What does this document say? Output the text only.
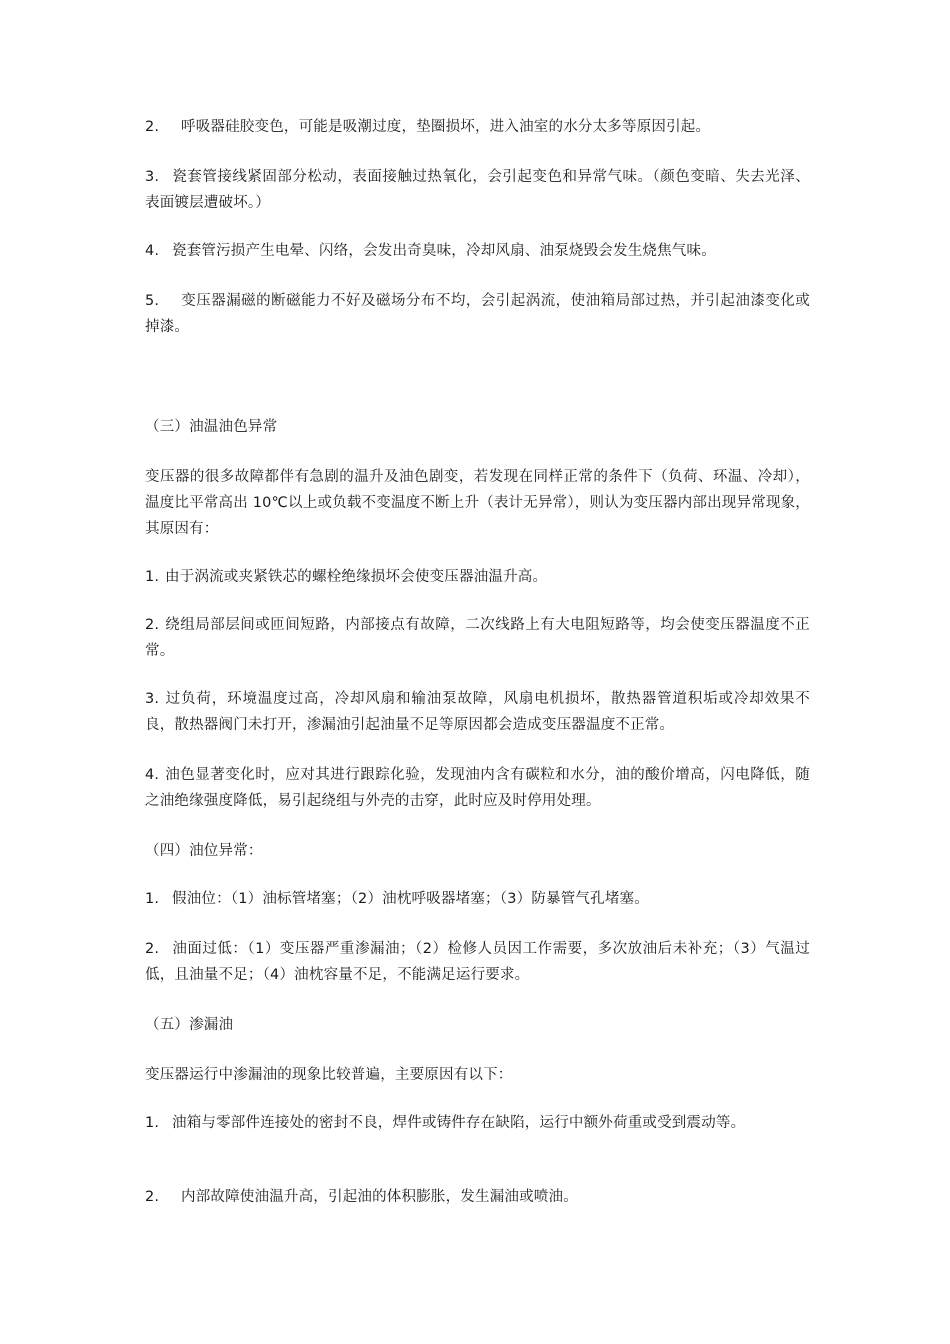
2. 呼吸器硅胶变色，可能是吸潮过度，垫圈损坏，进入油室的水分太多等原因引起。

3. 瓷套管接线紧固部分松动，表面接触过热氧化，会引起变色和异常气味。（颜色变暗、失去光泽、表面镀层遭破坏。）

4. 瓷套管污损产生电晕、闪络，会发出奇臭味，冷却风扇、油泵烧毁会发生烧焦气味。

5. 变压器漏磁的断磁能力不好及磁场分布不均，会引起涡流，使油箱局部过热，并引起油漆变化或掉漆。

（三）油温油色异常

变压器的很多故障都伴有急剧的温升及油色剧变，若发现在同样正常的条件下（负荷、环温、冷却），温度比平常高出 10℃以上或负载不变温度不断上升（表计无异常），则认为变压器内部出现异常现象，其原因有：

1. 由于涡流或夹紧铁芯的螺栓绝缘损坏会使变压器油温升高。

2. 绕组局部层间或匝间短路，内部接点有故障，二次线路上有大电阻短路等，均会使变压器温度不正常。

3. 过负荷，环境温度过高，冷却风扇和输油泵故障，风扇电机损坏，散热器管道积垢或冷却效果不良，散热器阀门未打开，渗漏油引起油量不足等原因都会造成变压器温度不正常。

4. 油色显著变化时，应对其进行跟踪化验，发现油内含有碳粒和水分，油的酸价增高，闪电降低，随之油绝缘强度降低，易引起绕组与外壳的击穿，此时应及时停用处理。

（四）油位异常：

1. 假油位：（1）油标管堵塞；（2）油枕呼吸器堵塞；（3）防暴管气孔堵塞。

2. 油面过低：（1）变压器严重渗漏油；（2）检修人员因工作需要，多次放油后未补充；（3）气温过低，且油量不足；（4）油枕容量不足，不能满足运行要求。

（五）渗漏油

变压器运行中渗漏油的现象比较普遍，主要原因有以下：

1. 油箱与零部件连接处的密封不良，焊件或铸件存在缺陷，运行中额外荷重或受到震动等。

2. 内部故障使油温升高，引起油的体积膨胀，发生漏油或喷油。
